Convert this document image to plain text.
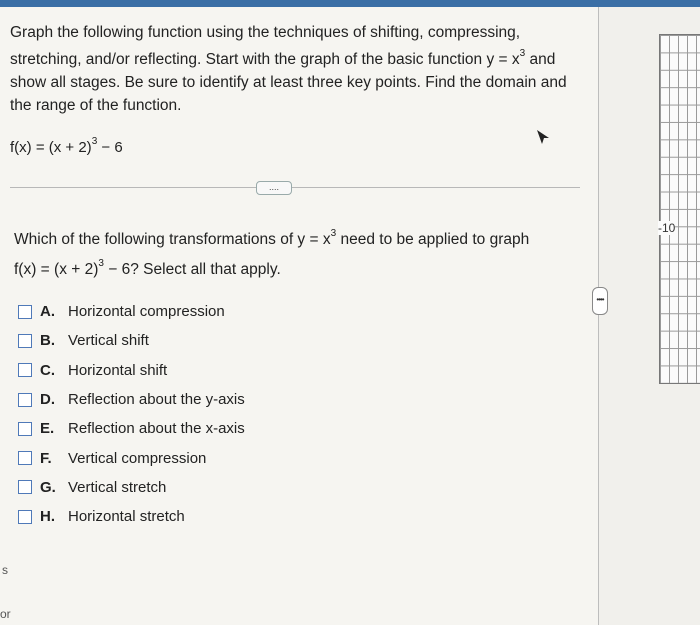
Graph the following function using the techniques of shifting, compressing, stretching, and/or reflecting. Start with the graph of the basic function $y = x^3$ and show all stages. Be sure to identify at least three key points. Find the domain and the range of the function.
$f(x) = (x + 2)^3 - 6$
....
Which of the following transformations of $y = x^3$ need to be applied to graph
$f(x) = (x + 2)^3 - 6$? Select all that apply.
A. Horizontal compression
B. Vertical shift
C. Horizontal shift
D. Reflection about the y-axis
E. Reflection about the x-axis
F.	Vertical compression
G. Vertical stretch
H. Horizontal stretch
s
or
••••
-10
